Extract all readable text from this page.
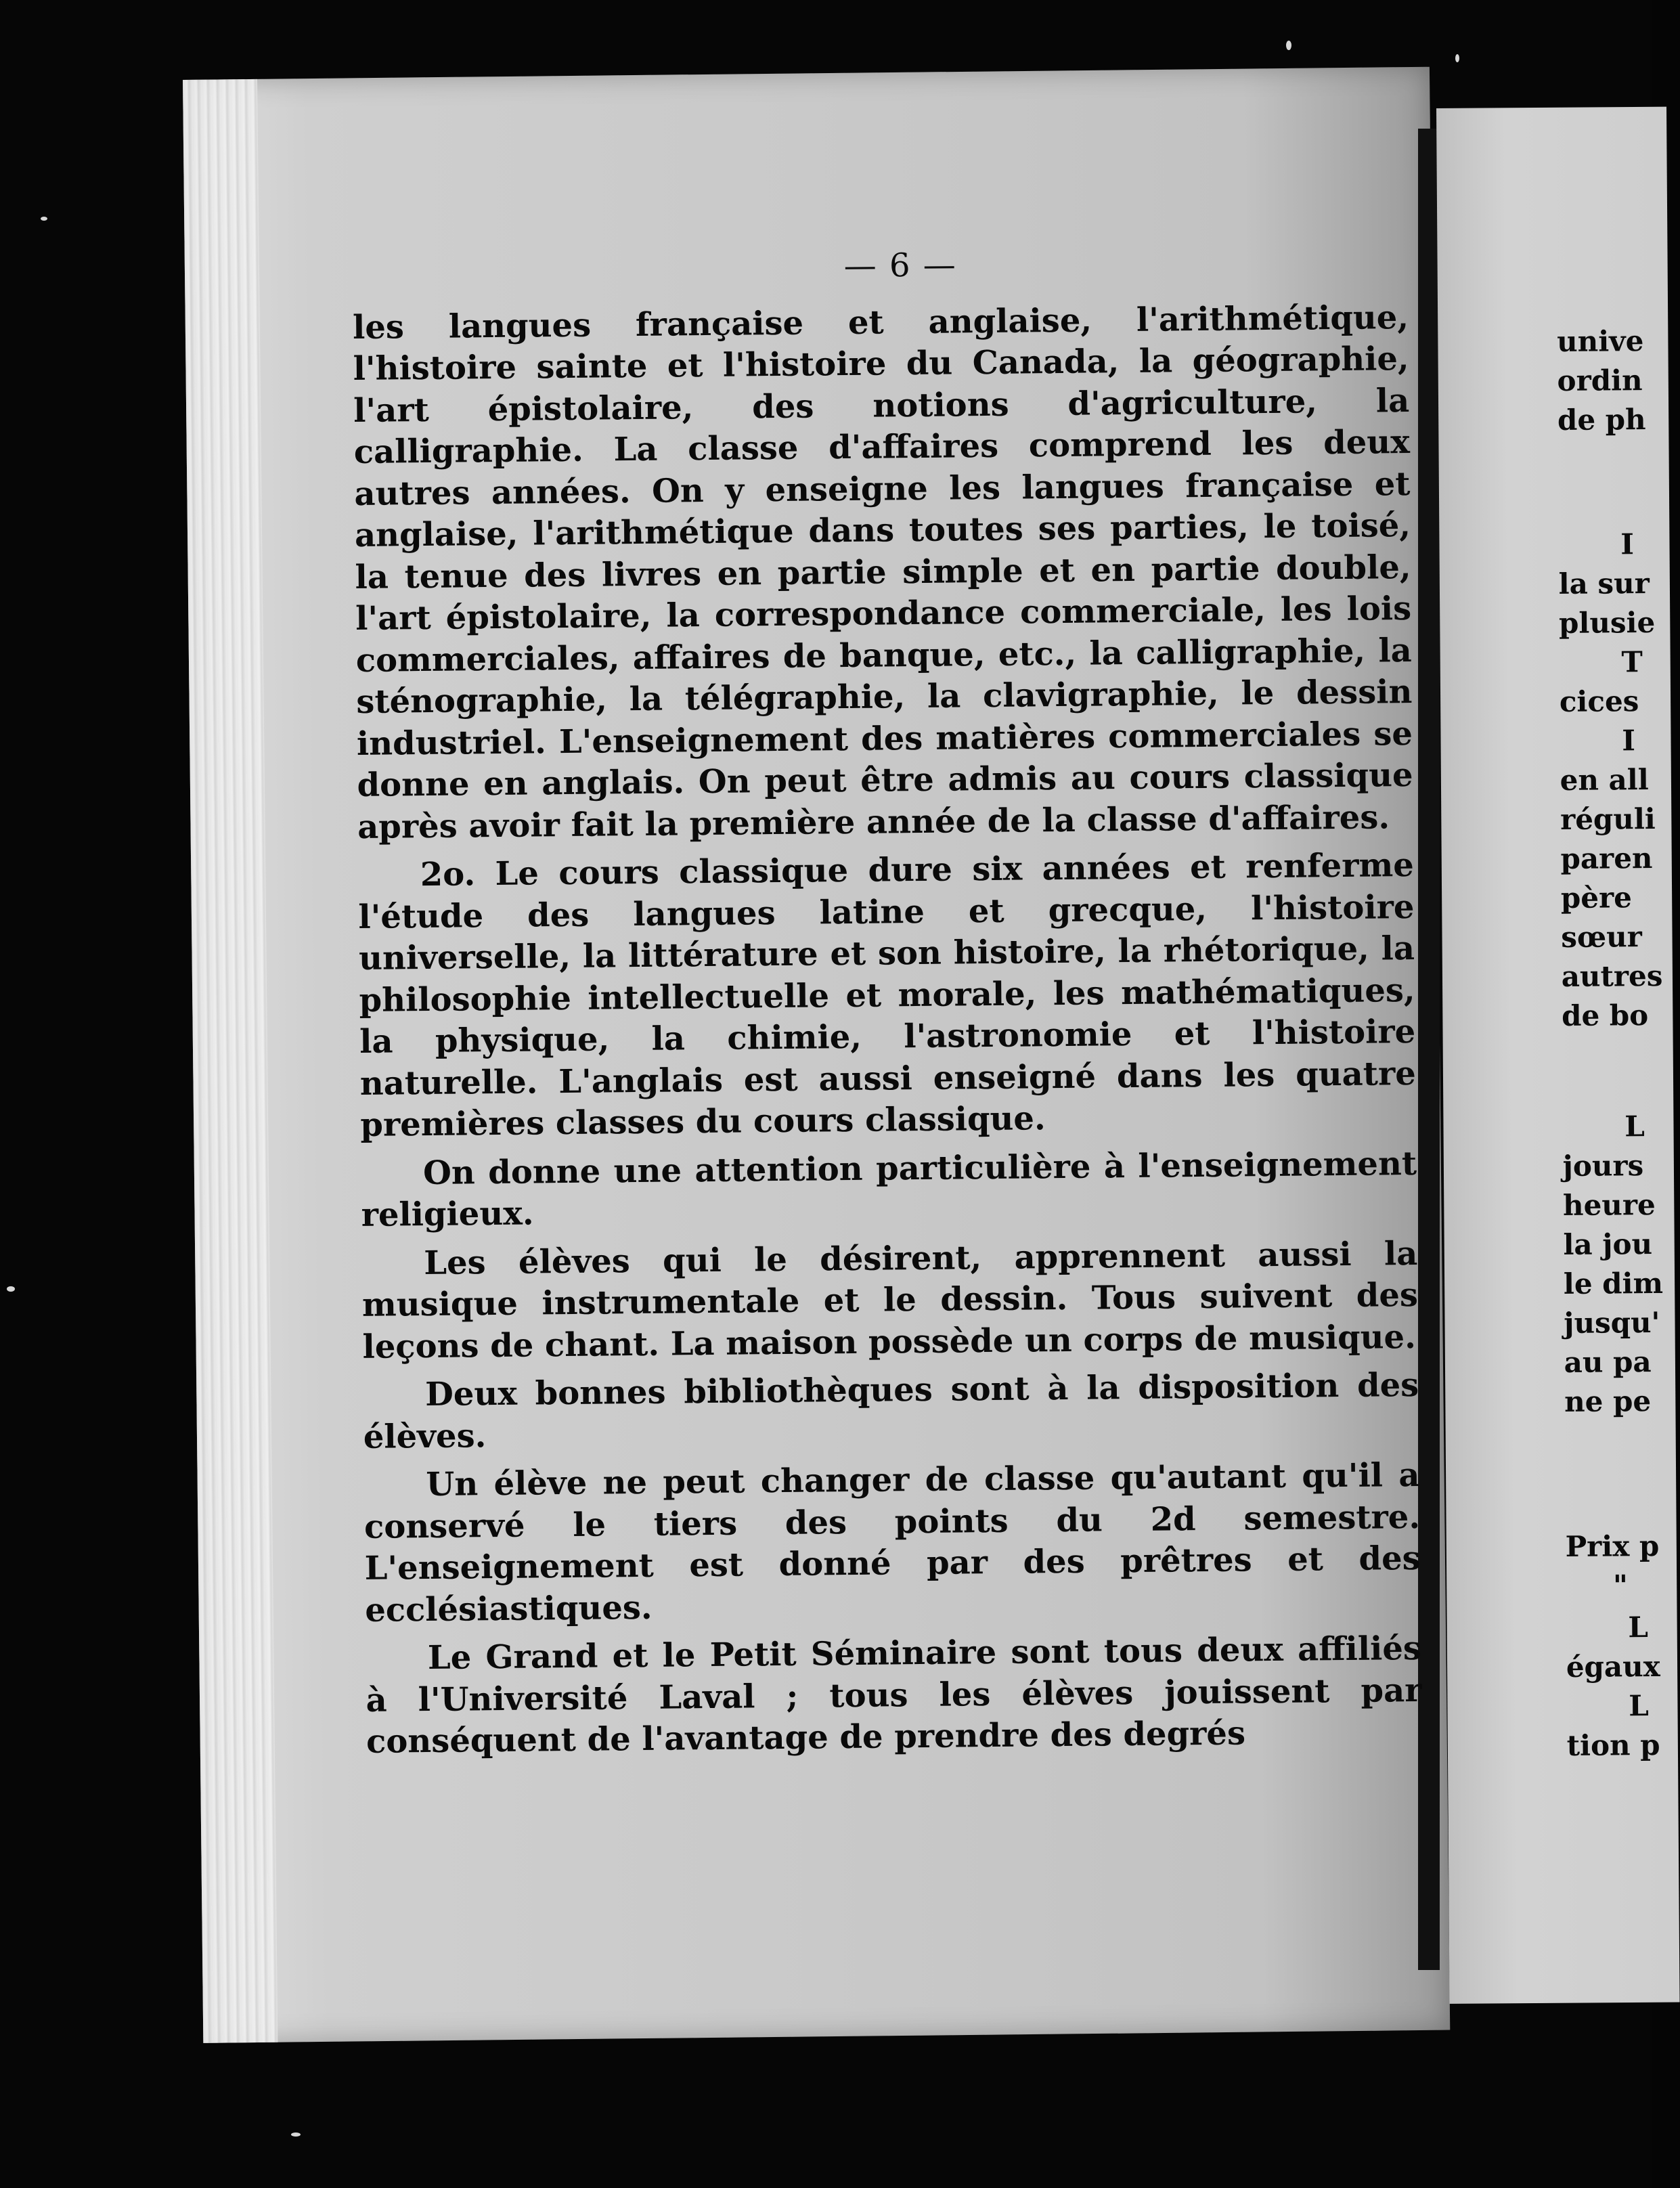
— 6 —

les langues française et anglaise, l'arithmétique, l'histoire sainte et l'histoire du Canada, la géographie, l'art épistolaire, des notions d'agriculture, la calligraphie. La classe d'affaires comprend les deux autres années. On y enseigne les langues française et anglaise, l'arithmétique dans toutes ses parties, le toisé, la tenue des livres en partie simple et en partie double, l'art épistolaire, la correspondance commerciale, les lois commerciales, affaires de banque, etc., la calligraphie, la sténographie, la télégraphie, la clavigraphie, le dessin industriel. L'enseignement des matières commerciales se donne en anglais. On peut être admis au cours classique après avoir fait la première année de la classe d'affaires.

2o. Le cours classique dure six années et renferme l'étude des langues latine et grecque, l'histoire universelle, la littérature et son histoire, la rhétorique, la philosophie intellectuelle et morale, les mathématiques, la physique, la chimie, l'astronomie et l'histoire naturelle. L'anglais est aussi enseigné dans les quatre premières classes du cours classique.

On donne une attention particulière à l'enseignement religieux.

Les élèves qui le désirent, apprennent aussi la musique instrumentale et le dessin. Tous suivent des leçons de chant. La maison possède un corps de musique.

Deux bonnes bibliothèques sont à la disposition des élèves.

Un élève ne peut changer de classe qu'autant qu'il a conservé le tiers des points du 2d semestre. L'enseignement est donné par des prêtres et des ecclésiastiques.

Le Grand et le Petit Séminaire sont tous deux affiliés à l'Université Laval ; tous les élèves jouissent par conséquent de l'avantage de prendre des degrés

unive
ordin
de ph
I
la sur
plusie
T
cices
I
en all
réguli
paren
père
sœur
autres
de bo
L
jours
heure
la jou
le dim
jusqu'
au pa
ne pe
Prix p
"
L
égaux
L
tion p
